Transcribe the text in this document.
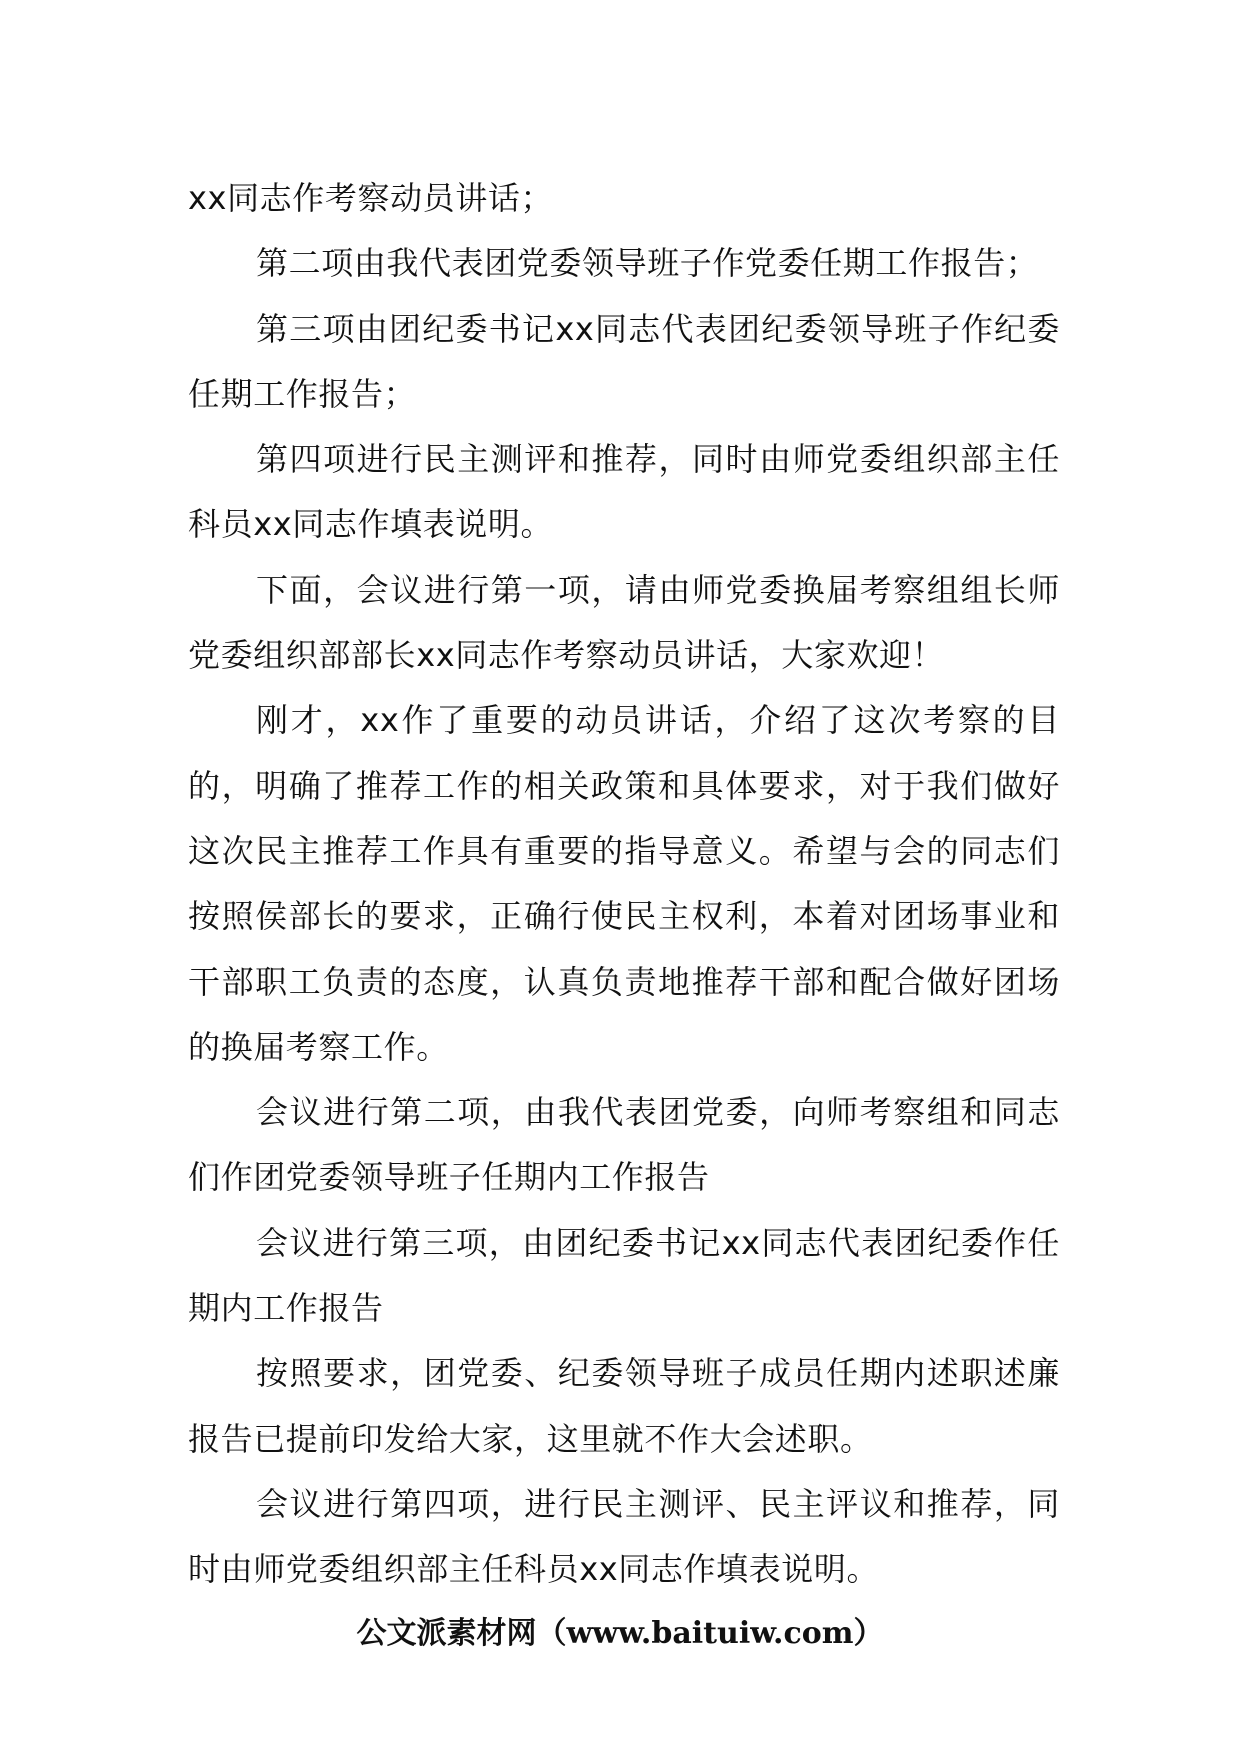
xx同志作考察动员讲话；

第二项由我代表团党委领导班子作党委任期工作报告；

第三项由团纪委书记xx同志代表团纪委领导班子作纪委任期工作报告；

第四项进行民主测评和推荐，同时由师党委组织部主任科员xx同志作填表说明。

下面，会议进行第一项，请由师党委换届考察组组长师党委组织部部长xx同志作考察动员讲话，大家欢迎！

刚才，xx作了重要的动员讲话，介绍了这次考察的目的，明确了推荐工作的相关政策和具体要求，对于我们做好这次民主推荐工作具有重要的指导意义。希望与会的同志们按照侯部长的要求，正确行使民主权利，本着对团场事业和干部职工负责的态度，认真负责地推荐干部和配合做好团场的换届考察工作。

会议进行第二项，由我代表团党委，向师考察组和同志们作团党委领导班子任期内工作报告

会议进行第三项，由团纪委书记xx同志代表团纪委作任期内工作报告

按照要求，团党委、纪委领导班子成员任期内述职述廉报告已提前印发给大家，这里就不作大会述职。

会议进行第四项，进行民主测评、民主评议和推荐，同时由师党委组织部主任科员xx同志作填表说明。

公文派素材网（www.baituiw.com）
